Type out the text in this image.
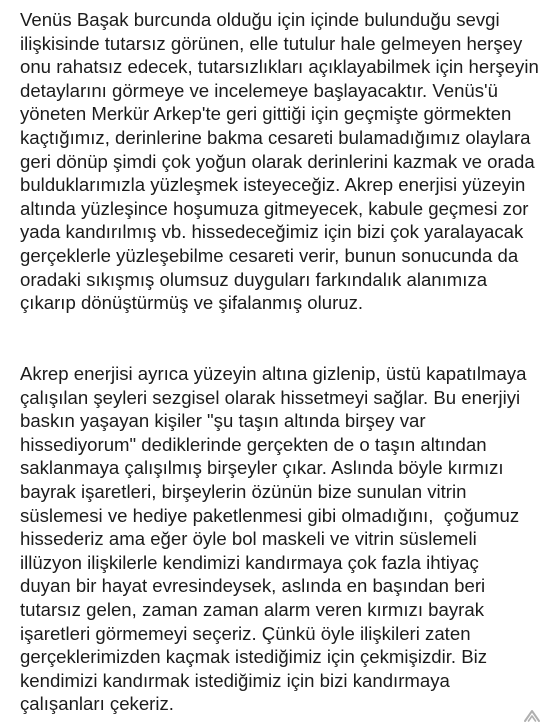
Venüs Başak burcunda olduğu için içinde bulunduğu sevgi
ilişkisinde tutarsız görünen, elle tutulur hale gelmeyen herşey
onu rahatsız edecek, tutarsızlıkları açıklayabilmek için herşeyin
detaylarını görmeye ve incelemeye başlayacaktır. Venüs'ü
yöneten Merkür Arkep'te geri gittiği için geçmişte görmekten
kaçtığımız, derinlerine bakma cesareti bulamadığımız olaylara
geri dönüp şimdi çok yoğun olarak derinlerini kazmak ve orada
bulduklarımızla yüzleşmek isteyeceğiz. Akrep enerjisi yüzeyin
altında yüzleşince hoşumuza gitmeyecek, kabule geçmesi zor
yada kandırılmış vb. hissedeceğimiz için bizi çok yaralayacak
gerçeklerle yüzleşebilme cesareti verir, bunun sonucunda da
oradaki sıkışmış olumsuz duyguları farkındalık alanımıza
çıkarıp dönüştürmüş ve şifalanmış oluruz.
Akrep enerjisi ayrıca yüzeyin altına gizlenip, üstü kapatılmaya
çalışılan şeyleri sezgisel olarak hissetmeyi sağlar. Bu enerjiyi
baskın yaşayan kişiler "şu taşın altında birşey var
hissediyorum" dediklerinde gerçekten de o taşın altından
saklanmaya çalışılmış birşeyler çıkar. Aslında böyle kırmızı
bayrak işaretleri, birşeylerin özünün bize sunulan vitrin
süslemesi ve hediye paketlenmesi gibi olmadığını,  çoğumuz
hissederiz ama eğer öyle bol maskeli ve vitrin süslemeli
illüzyon ilişkilerle kendimizi kandırmaya çok fazla ihtiyaç
duyan bir hayat evresindeysek, aslında en başından beri
tutarsız gelen, zaman zaman alarm veren kırmızı bayrak
işaretleri görmemeyi seçeriz. Çünkü öyle ilişkileri zaten
gerçeklerimizden kaçmak istediğimiz için çekmişizdir. Biz
kendimizi kandırmak istediğimiz için bizi kandırmaya
çalışanları çekeriz.
